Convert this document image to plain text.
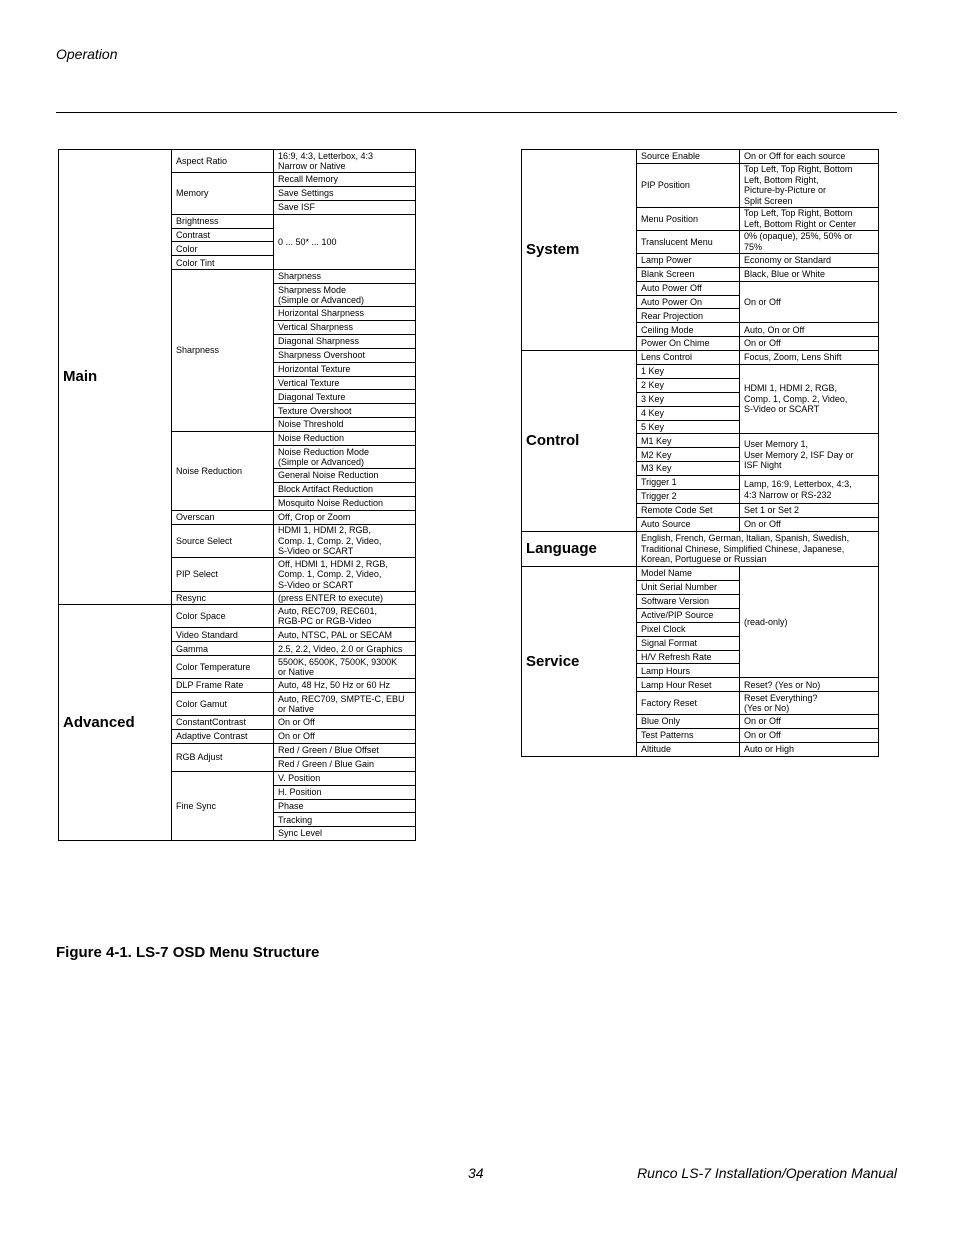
Operation
Main	Aspect Ratio	16:9, 4:3, Letterbox, 4:3
Narrow or Native
	Memory	Recall Memory
		Save Settings
		Save ISF
	Brightness	0 ... 50* ... 100
	Contrast	
	Color	
	Color Tint	
	Sharpness	Sharpness
		Sharpness Mode
(Simple or Advanced)
		Horizontal Sharpness
		Vertical Sharpness
		Diagonal Sharpness
		Sharpness Overshoot
		Horizontal Texture
		Vertical Texture
		Diagonal Texture
		Texture Overshoot
		Noise Threshold
	Noise Reduction	Noise Reduction
		Noise Reduction Mode
(Simple or Advanced)
		General Noise Reduction
		Block Artifact Reduction
		Mosquito Noise Reduction
	Overscan	Off, Crop or Zoom
	Source Select	HDMI 1, HDMI 2, RGB,
Comp. 1, Comp. 2, Video,
S-Video or SCART
	PIP Select	Off, HDMI 1, HDMI 2, RGB,
Comp. 1, Comp. 2, Video,
S-Video or SCART
	Resync	(press ENTER to execute)
Advanced	Color Space	Auto, REC709, REC601,
RGB-PC or RGB-Video
	Video Standard	Auto, NTSC, PAL or SECAM
	Gamma	2.5, 2.2, Video, 2.0 or Graphics
	Color Temperature	5500K, 6500K, 7500K, 9300K
or Native
	DLP Frame Rate	Auto, 48 Hz, 50 Hz or 60 Hz
	Color Gamut	Auto, REC709, SMPTE-C, EBU
or Native
	ConstantContrast	On or Off
	Adaptive Contrast	On or Off
	RGB Adjust	Red / Green / Blue Offset
		Red / Green / Blue Gain
	Fine Sync	V. Position
		H. Position
		Phase
		Tracking
		Sync Level
System	Source Enable	On or Off for each source
	PIP Position	Top Left, Top Right, Bottom
Left, Bottom Right,
Picture-by-Picture or
Split Screen
	Menu Position	Top Left, Top Right, Bottom
Left, Bottom Right or Center
	Translucent Menu	0% (opaque), 25%, 50% or
75%
	Lamp Power	Economy or Standard
	Blank Screen	Black, Blue or White
	Auto Power Off	On or Off
	Auto Power On	
	Rear Projection	
	Ceiling Mode	Auto, On or Off
	Power On Chime	On or Off
Control	Lens Control	Focus, Zoom, Lens Shift
	1 Key	HDMI 1, HDMI 2, RGB,
Comp. 1, Comp. 2, Video,
S-Video or SCART
	2 Key	
	3 Key	
	4 Key	
	5 Key	
	M1 Key	User Memory 1,
User Memory 2, ISF Day or
ISF Night
	M2 Key	
	M3 Key	
	Trigger 1	Lamp, 16:9, Letterbox, 4:3,
4:3 Narrow or RS-232
	Trigger 2	
	Remote Code Set	Set 1 or Set 2
	Auto Source	On or Off
Language	English, French, German, Italian, Spanish, Swedish,
Traditional Chinese, Simplified Chinese, Japanese,
Korean, Portuguese or Russian	
Service	Model Name	(read-only)
	Unit Serial Number	
	Software Version	
	Active/PIP Source	
	Pixel Clock	
	Signal Format	
	H/V Refresh Rate	
	Lamp Hours	
	Lamp Hour Reset	Reset? (Yes or No)
	Factory Reset	Reset Everything?
(Yes or No)
	Blue Only	On or Off
	Test Patterns	On or Off
	Altitude	Auto or High
Figure 4-1. LS-7 OSD Menu Structure
34	Runco LS-7 Installation/Operation Manual
